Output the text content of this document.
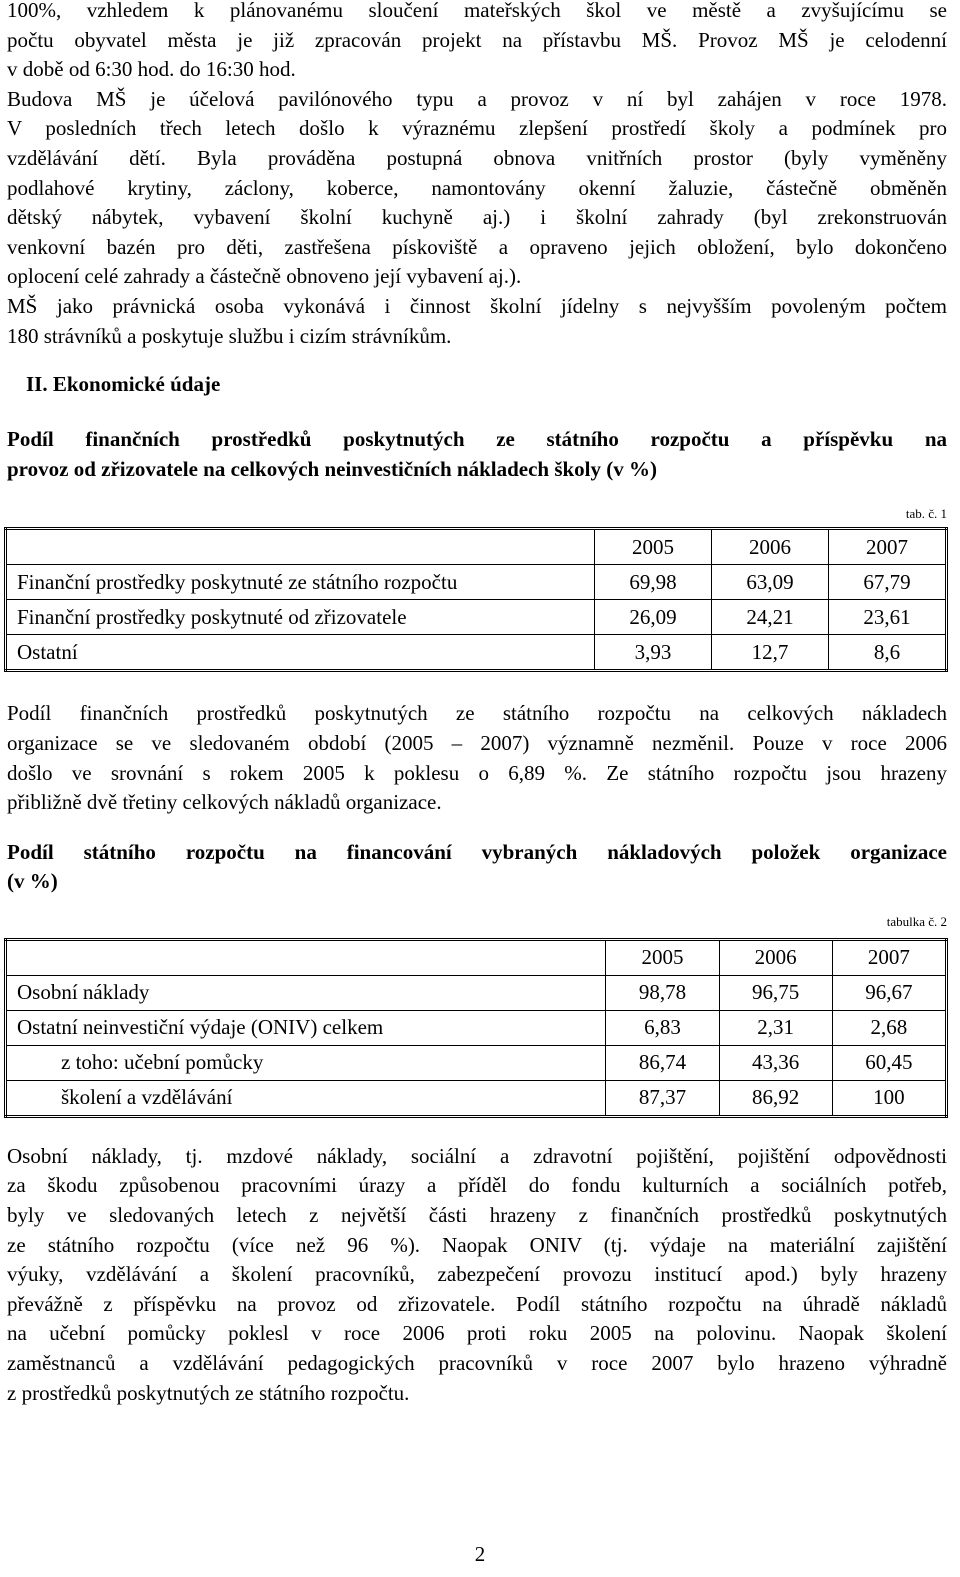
100%, vzhledem k plánovanému sloučení mateřských škol ve městě a zvyšujícímu se
počtu obyvatel města je již zpracován projekt na přístavbu MŠ. Provoz MŠ je celodenní
v době od 6:30 hod. do 16:30 hod.
Budova MŠ je účelová pavilónového typu a provoz v ní byl zahájen v roce 1978.
V posledních třech letech došlo k výraznému zlepšení prostředí školy a podmínek pro
vzdělávání dětí. Byla prováděna postupná obnova vnitřních prostor (byly vyměněny
podlahové krytiny, záclony, koberce, namontovány okenní žaluzie, částečně obměněn
dětský nábytek, vybavení školní kuchyně aj.) i školní zahrady (byl zrekonstruován
venkovní bazén pro děti, zastřešena pískoviště a opraveno jejich obložení, bylo dokončeno
oplocení celé zahrady a částečně obnoveno její vybavení aj.).
MŠ jako právnická osoba vykonává i činnost školní jídelny s nejvyšším povoleným počtem
180 strávníků a poskytuje službu i cizím strávníkům.

II. Ekonomické údaje

Podíl finančních prostředků poskytnutých ze státního rozpočtu a příspěvku na
provoz od zřizovatele na celkových neinvestičních nákladech školy (v %)

tab. č. 1
	2005	2006	2007
Finanční prostředky poskytnuté ze státního rozpočtu	69,98	63,09	67,79
Finanční prostředky poskytnuté od zřizovatele	26,09	24,21	23,61
Ostatní	3,93	12,7	8,6

Podíl finančních prostředků poskytnutých ze státního rozpočtu na celkových nákladech
organizace se ve sledovaném období (2005 – 2007) významně nezměnil. Pouze v roce 2006
došlo ve srovnání s rokem 2005 k poklesu o 6,89 %. Ze státního rozpočtu jsou hrazeny
přibližně dvě třetiny celkových nákladů organizace.

Podíl státního rozpočtu na financování vybraných nákladových položek organizace
(v %)

tabulka č. 2
	2005	2006	2007
Osobní náklady	98,78	96,75	96,67
Ostatní neinvestiční výdaje (ONIV) celkem	6,83	2,31	2,68
z toho: učební pomůcky	86,74	43,36	60,45
školení a vzdělávání	87,37	86,92	100

Osobní náklady, tj. mzdové náklady, sociální a zdravotní pojištění, pojištění odpovědnosti
za škodu způsobenou pracovními úrazy a příděl do fondu kulturních a sociálních potřeb,
byly ve sledovaných letech z největší části hrazeny z finančních prostředků poskytnutých
ze státního rozpočtu (více než 96 %). Naopak ONIV (tj. výdaje na materiální zajištění
výuky, vzdělávání a školení pracovníků, zabezpečení provozu institucí apod.) byly hrazeny
převážně z příspěvku na provoz od zřizovatele. Podíl státního rozpočtu na úhradě nákladů
na učební pomůcky poklesl v roce 2006 proti roku 2005 na polovinu. Naopak školení
zaměstnanců a vzdělávání pedagogických pracovníků v roce 2007 bylo hrazeno výhradně
z prostředků poskytnutých ze státního rozpočtu.

2
